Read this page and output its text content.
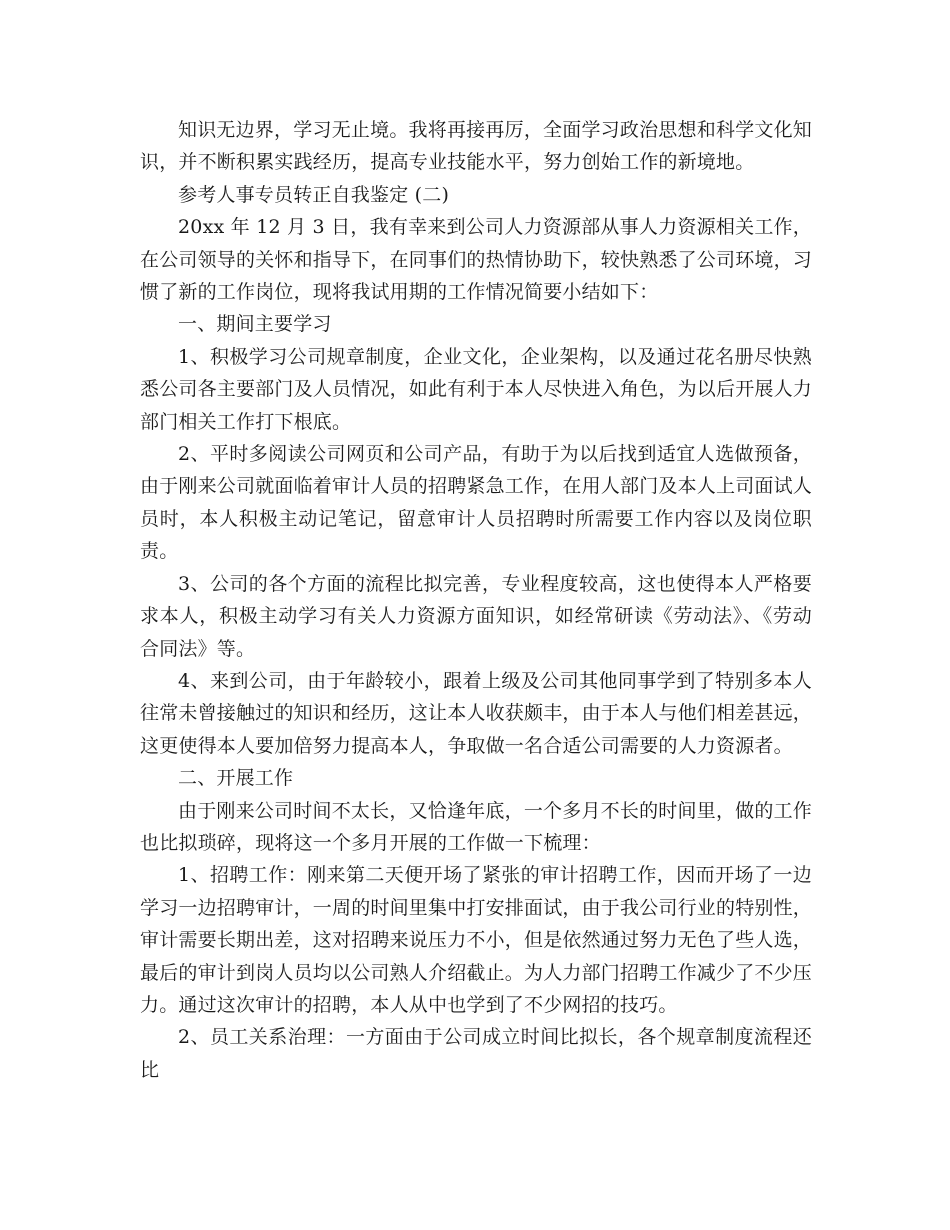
知识无边界，学习无止境。我将再接再厉，全面学习政治思想和科学文化知识，并不断积累实践经历，提高专业技能水平，努力创始工作的新境地。

参考人事专员转正自我鉴定 (二)

20xx 年 12 月 3 日，我有幸来到公司人力资源部从事人力资源相关工作，在公司领导的关怀和指导下，在同事们的热情协助下，较快熟悉了公司环境，习惯了新的工作岗位，现将我试用期的工作情况简要小结如下：

一、期间主要学习

1、积极学习公司规章制度，企业文化，企业架构，以及通过花名册尽快熟悉公司各主要部门及人员情况，如此有利于本人尽快进入角色，为以后开展人力部门相关工作打下根底。

2、平时多阅读公司网页和公司产品，有助于为以后找到适宜人选做预备，由于刚来公司就面临着审计人员的招聘紧急工作，在用人部门及本人上司面试人员时，本人积极主动记笔记，留意审计人员招聘时所需要工作内容以及岗位职责。

3、公司的各个方面的流程比拟完善，专业程度较高，这也使得本人严格要求本人，积极主动学习有关人力资源方面知识，如经常研读《劳动法》、《劳动合同法》等。

4、来到公司，由于年龄较小，跟着上级及公司其他同事学到了特别多本人往常未曾接触过的知识和经历，这让本人收获颇丰，由于本人与他们相差甚远，这更使得本人要加倍努力提高本人，争取做一名合适公司需要的人力资源者。

二、开展工作

由于刚来公司时间不太长，又恰逢年底，一个多月不长的时间里，做的工作也比拟琐碎，现将这一个多月开展的工作做一下梳理：

1、招聘工作：刚来第二天便开场了紧张的审计招聘工作，因而开场了一边学习一边招聘审计，一周的时间里集中打安排面试，由于我公司行业的特别性，审计需要长期出差，这对招聘来说压力不小，但是依然通过努力无色了些人选，最后的审计到岗人员均以公司熟人介绍截止。为人力部门招聘工作减少了不少压力。通过这次审计的招聘，本人从中也学到了不少网招的技巧。

2、员工关系治理：一方面由于公司成立时间比拟长，各个规章制度流程还比
